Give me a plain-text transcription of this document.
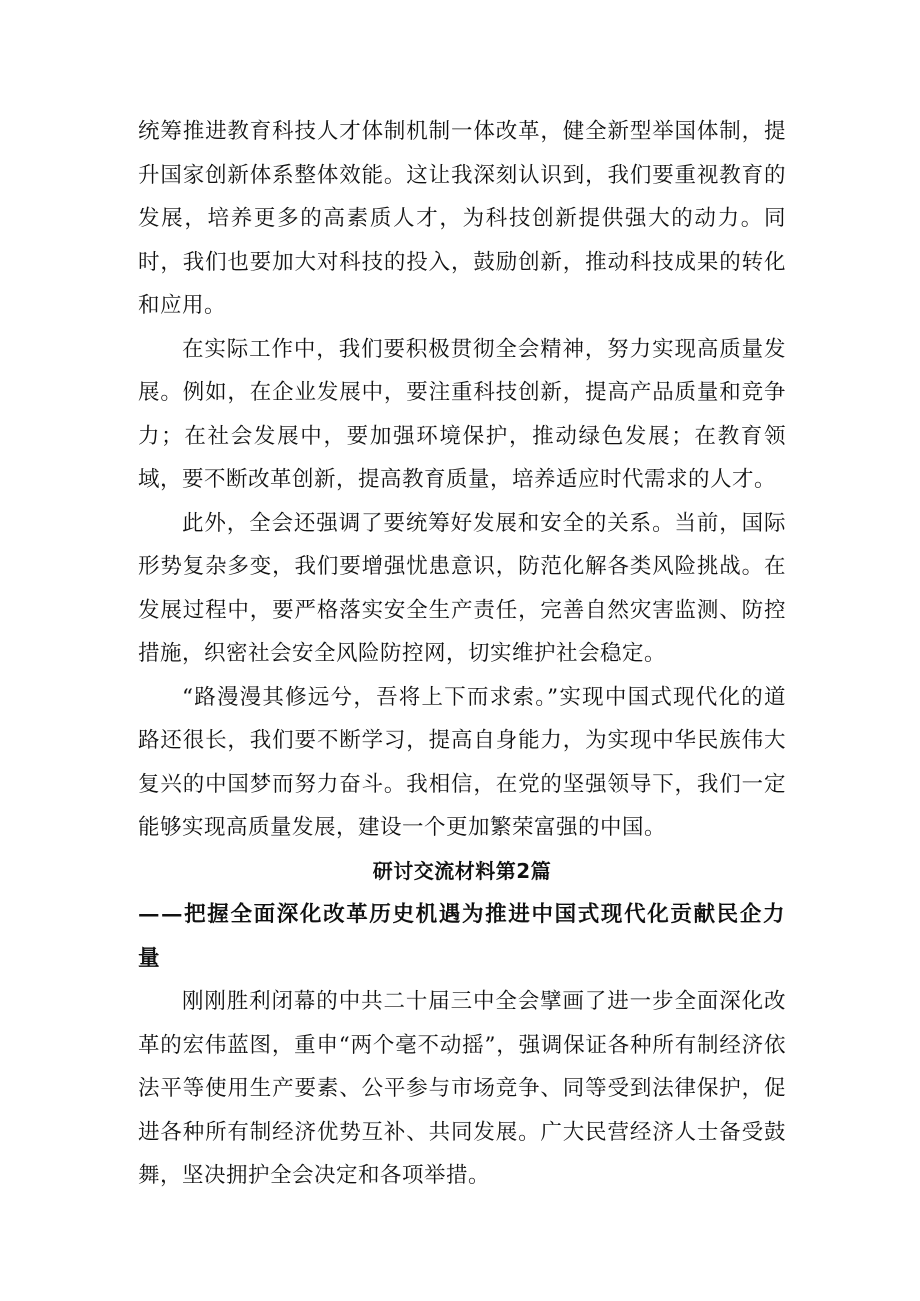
统筹推进教育科技人才体制机制一体改革，健全新型举国体制，提升国家创新体系整体效能。这让我深刻认识到，我们要重视教育的发展，培养更多的高素质人才，为科技创新提供强大的动力。同时，我们也要加大对科技的投入，鼓励创新，推动科技成果的转化和应用。

在实际工作中，我们要积极贯彻全会精神，努力实现高质量发展。例如，在企业发展中，要注重科技创新，提高产品质量和竞争力；在社会发展中，要加强环境保护，推动绿色发展；在教育领域，要不断改革创新，提高教育质量，培养适应时代需求的人才。

此外，全会还强调了要统筹好发展和安全的关系。当前，国际形势复杂多变，我们要增强忧患意识，防范化解各类风险挑战。在发展过程中，要严格落实安全生产责任，完善自然灾害监测、防控措施，织密社会安全风险防控网，切实维护社会稳定。

“路漫漫其修远兮，吾将上下而求索。”实现中国式现代化的道路还很长，我们要不断学习，提高自身能力，为实现中华民族伟大复兴的中国梦而努力奋斗。我相信，在党的坚强领导下，我们一定能够实现高质量发展，建设一个更加繁荣富强的中国。

研讨交流材料第2篇

——把握全面深化改革历史机遇为推进中国式现代化贡献民企力量

刚刚胜利闭幕的中共二十届三中全会擘画了进一步全面深化改革的宏伟蓝图，重申“两个毫不动摇”，强调保证各种所有制经济依法平等使用生产要素、公平参与市场竞争、同等受到法律保护，促进各种所有制经济优势互补、共同发展。广大民营经济人士备受鼓舞，坚决拥护全会决定和各项举措。
